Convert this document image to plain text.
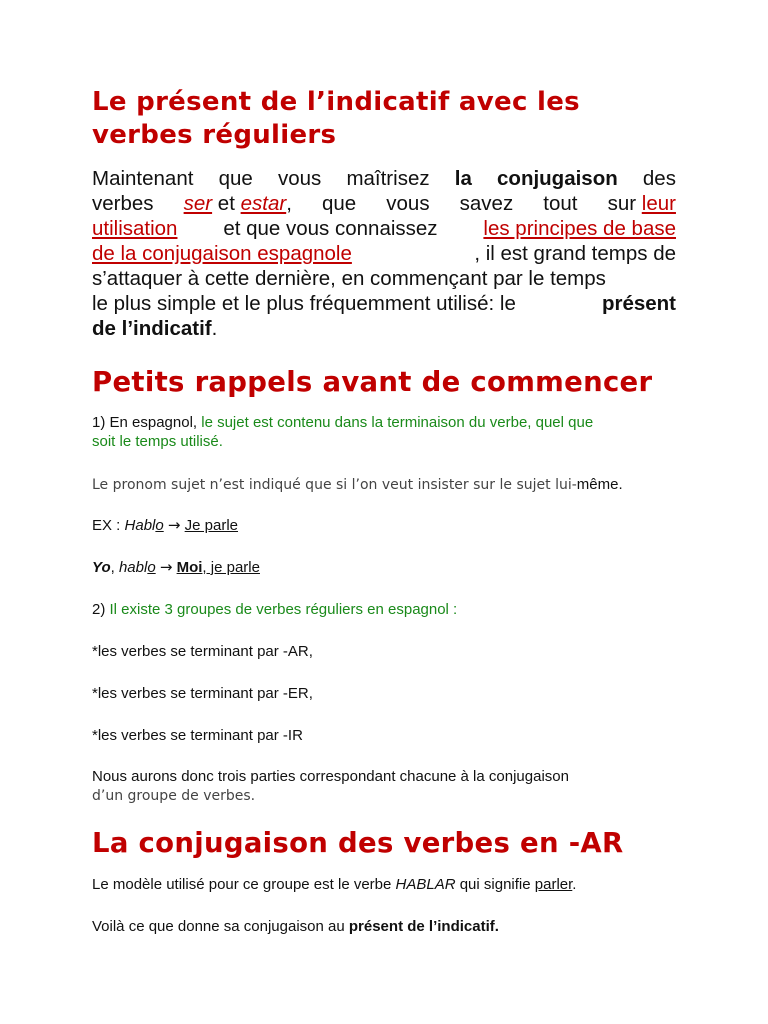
Le présent de l’indicatif avec les
verbes réguliers
Maintenant que vous maîtrisez la conjugaison des
verbes ser et estar, que vous savez tout sur leur
utilisation et que vous connaissez les principes de base
de la conjugaison espagnole	, il est grand temps de
s’attaquer à cette dernière, en commençant par le temps
le plus simple et le plus fréquemment utilisé: le	présent
de l’indicatif.
Petits rappels avant de commencer

1) En espagnol, le sujet est contenu dans la terminaison du verbe, quel que
soit le temps utilisé.

Le pronom sujet n’est indiqué que si l’on veut insister sur le sujet lui-même.

EX : Hablo → Je parle

Yo, hablo → Moi, je parle

2) Il existe 3 groupes de verbes réguliers en espagnol :

*les verbes se terminant par -AR,

*les verbes se terminant par -ER,

*les verbes se terminant par -IR

Nous aurons donc trois parties correspondant chacune à la conjugaison
d’un groupe de verbes.

La conjugaison des verbes en -AR

Le modèle utilisé pour ce groupe est le verbe HABLAR qui signifie parler.

Voilà ce que donne sa conjugaison au présent de l’indicatif.
